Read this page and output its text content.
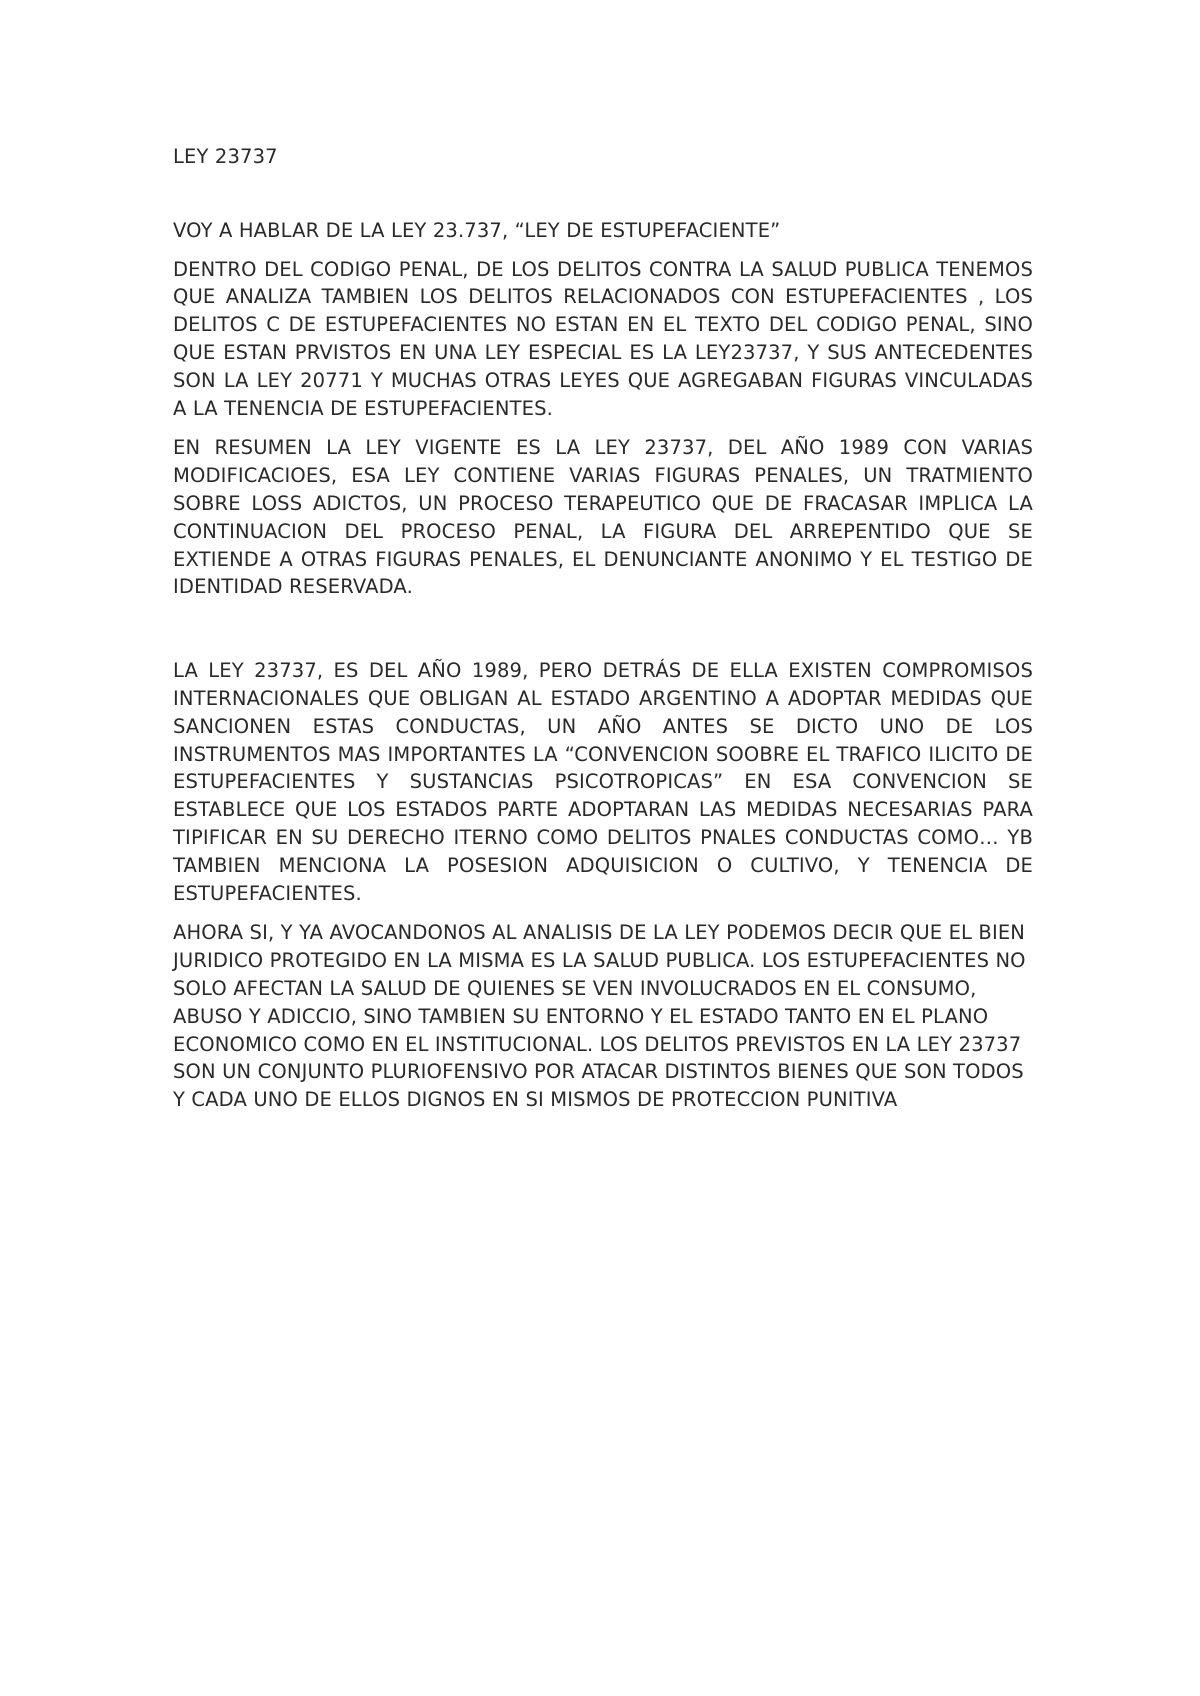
LEY 23737

VOY A HABLAR DE LA LEY 23.737, “LEY DE ESTUPEFACIENTE”

DENTRO DEL CODIGO PENAL, DE LOS DELITOS CONTRA LA SALUD PUBLICA TENEMOS QUE ANALIZA TAMBIEN LOS DELITOS RELACIONADOS CON ESTUPEFACIENTES , LOS DELITOS C DE ESTUPEFACIENTES NO ESTAN EN EL TEXTO DEL CODIGO PENAL, SINO QUE ESTAN PRVISTOS EN UNA LEY ESPECIAL ES LA LEY23737, Y SUS ANTECEDENTES SON LA LEY 20771 Y MUCHAS OTRAS LEYES QUE AGREGABAN FIGURAS VINCULADAS A LA TENENCIA DE ESTUPEFACIENTES.

EN RESUMEN LA LEY VIGENTE ES LA LEY 23737, DEL AÑO 1989 CON VARIAS MODIFICACIOES, ESA LEY CONTIENE VARIAS FIGURAS PENALES, UN TRATMIENTO SOBRE LOSS ADICTOS, UN PROCESO TERAPEUTICO QUE DE FRACASAR IMPLICA LA CONTINUACION DEL PROCESO PENAL, LA FIGURA DEL ARREPENTIDO QUE SE EXTIENDE A OTRAS FIGURAS PENALES, EL DENUNCIANTE ANONIMO Y EL TESTIGO DE IDENTIDAD RESERVADA.

LA LEY 23737, ES DEL AÑO 1989, PERO DETRÁS DE ELLA EXISTEN COMPROMISOS INTERNACIONALES QUE OBLIGAN AL ESTADO ARGENTINO A ADOPTAR MEDIDAS QUE SANCIONEN ESTAS CONDUCTAS, UN AÑO ANTES SE DICTO UNO DE LOS INSTRUMENTOS MAS IMPORTANTES LA “CONVENCION SOOBRE EL TRAFICO ILICITO DE ESTUPEFACIENTES Y SUSTANCIAS PSICOTROPICAS” EN ESA CONVENCION SE ESTABLECE QUE LOS ESTADOS PARTE ADOPTARAN LAS MEDIDAS NECESARIAS PARA TIPIFICAR EN SU DERECHO ITERNO COMO DELITOS PNALES CONDUCTAS COMO… YB TAMBIEN MENCIONA LA POSESION ADQUISICION O CULTIVO, Y TENENCIA DE ESTUPEFACIENTES.

AHORA SI, Y YA AVOCANDONOS AL ANALISIS DE LA LEY PODEMOS DECIR QUE EL BIEN JURIDICO PROTEGIDO EN LA MISMA ES LA SALUD PUBLICA. LOS ESTUPEFACIENTES NO SOLO AFECTAN LA SALUD DE QUIENES SE VEN INVOLUCRADOS EN EL CONSUMO, ABUSO Y ADICCIO, SINO TAMBIEN SU ENTORNO Y EL ESTADO TANTO EN EL PLANO ECONOMICO COMO EN EL INSTITUCIONAL. LOS DELITOS PREVISTOS EN LA LEY 23737 SON UN CONJUNTO PLURIOFENSIVO POR ATACAR DISTINTOS BIENES QUE SON TODOS Y CADA UNO DE ELLOS DIGNOS EN SI MISMOS DE PROTECCION PUNITIVA
